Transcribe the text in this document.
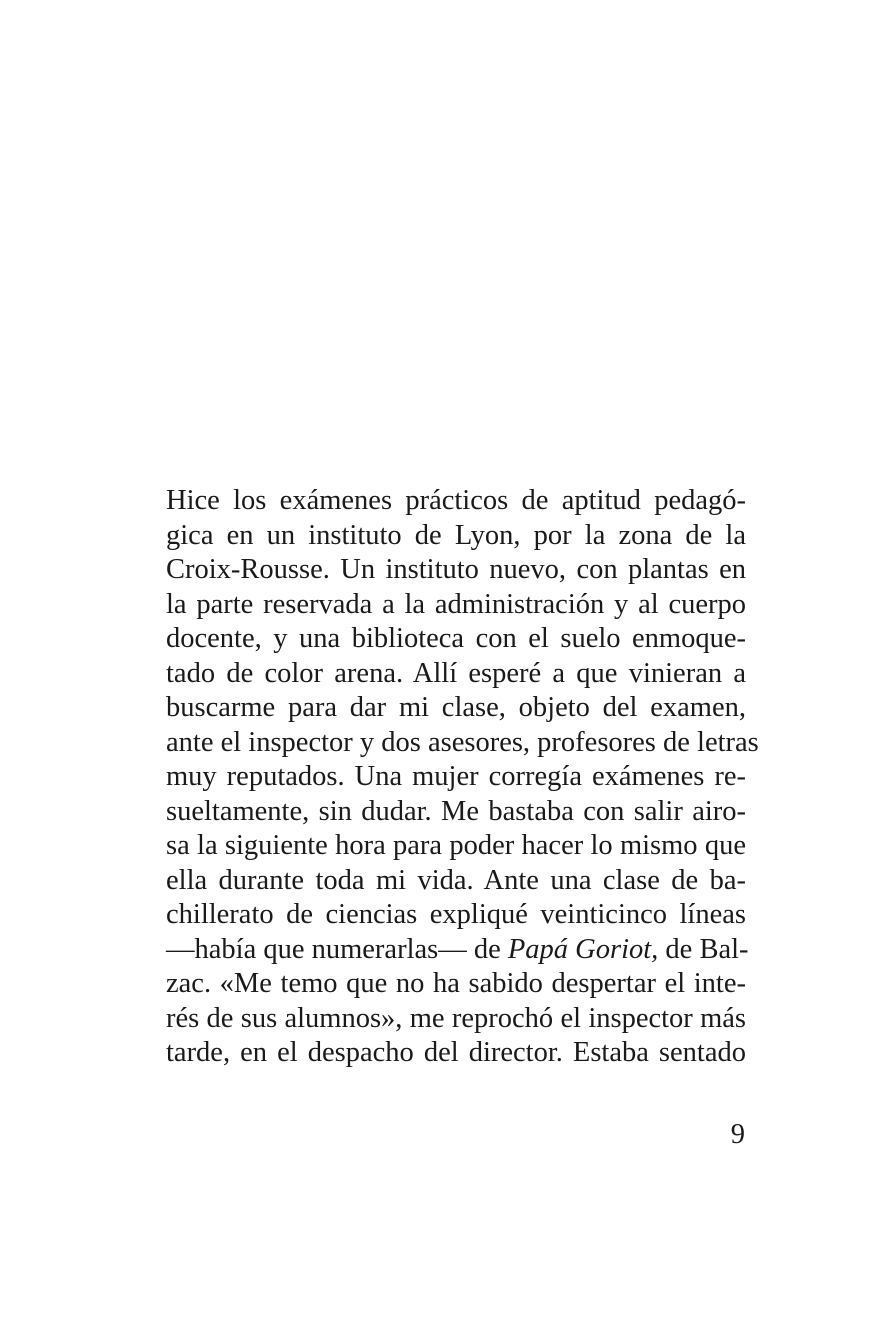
Hice los exámenes prácticos de aptitud pedagó-
gica en un instituto de Lyon, por la zona de la
Croix-Rousse. Un instituto nuevo, con plantas en
la parte reservada a la administración y al cuerpo
docente, y una biblioteca con el suelo enmoque-
tado de color arena. Allí esperé a que vinieran a
buscarme para dar mi clase, objeto del examen,
ante el inspector y dos asesores, profesores de letras
muy reputados. Una mujer corregía exámenes re-
sueltamente, sin dudar. Me bastaba con salir airo-
sa la siguiente hora para poder hacer lo mismo que
ella durante toda mi vida. Ante una clase de ba-
chillerato de ciencias expliqué veinticinco líneas
—había que numerarlas— de Papá Goriot, de Bal-
zac. «Me temo que no ha sabido despertar el inte-
rés de sus alumnos», me reprochó el inspector más
tarde, en el despacho del director. Estaba sentado
9
